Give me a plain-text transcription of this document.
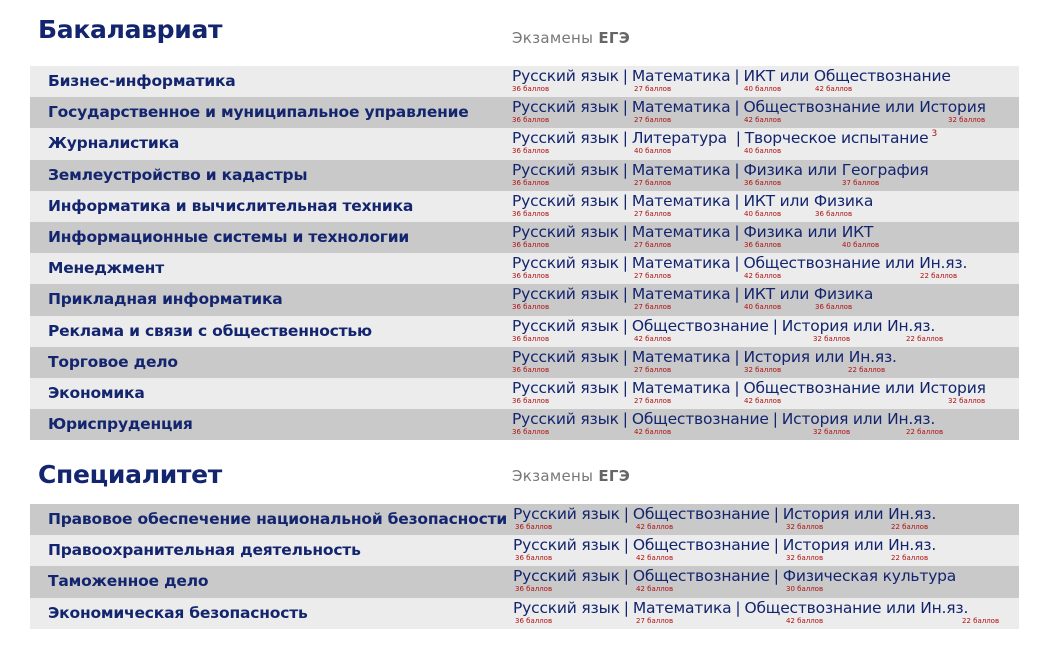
Бакалавриат	Экзамены ЕГЭ
Бизнес-информатика	Русский язык | Математика | ИКТ или Обществознание
36 баллов	27 баллов	40 баллов	42 баллов
Государственное и муниципальное управление	Русский язык | Математика | Обществознание или История
36 баллов	27 баллов	42 баллов	32 баллов
Журналистика	Русский язык | Литература | Творческое испытание $^3$
36 баллов	40 баллов	40 баллов
Землеустройство и кадастры	Русский язык | Математика | Физика или География
36 баллов	27 баллов	36 баллов	37 баллов
Информатика и вычислительная техника	Русский язык | Математика | ИКТ или Физика
36 баллов	27 баллов	40 баллов	36 баллов
Информационные системы и технологии	Русский язык | Математика | Физика или ИКТ
36 баллов	27 баллов	36 баллов	40 баллов
Менеджмент	Русский язык | Математика | Обществознание или Ин.яз.
36 баллов	27 баллов	42 баллов	22 баллов
Прикладная информатика	Русский язык | Математика | ИКТ или Физика
36 баллов	27 баллов	40 баллов	36 баллов
Реклама и связи с общественностью	Русский язык | Обществознание | История или Ин.яз.
36 баллов	42 баллов	32 баллов	22 баллов
Торговое дело	Русский язык | Математика | История или Ин.яз.
36 баллов	27 баллов	32 баллов	22 баллов
Экономика	Русский язык | Математика | Обществознание или История
36 баллов	27 баллов	42 баллов	32 баллов
Юриспруденция	Русский язык | Обществознание | История или Ин.яз.
36 баллов	42 баллов	32 баллов	22 баллов
Специалитет	Экзамены ЕГЭ
Правовое обеспечение национальной безопасности Русский язык | Обществознание | История или Ин.яз.
36 баллов	42 баллов	32 баллов	22 баллов
Правоохранительная деятельность	Русский язык | Обществознание | История или Ин.яз.
36 баллов	42 баллов	32 баллов	22 баллов
Таможенное дело	Русский язык | Обществознание | Физическая культура
36 баллов	42 баллов	30 баллов
Экономическая безопасность	Русский язык | Математика | Обществознание или Ин.яз.
36 баллов	27 баллов	42 баллов	22 баллов
